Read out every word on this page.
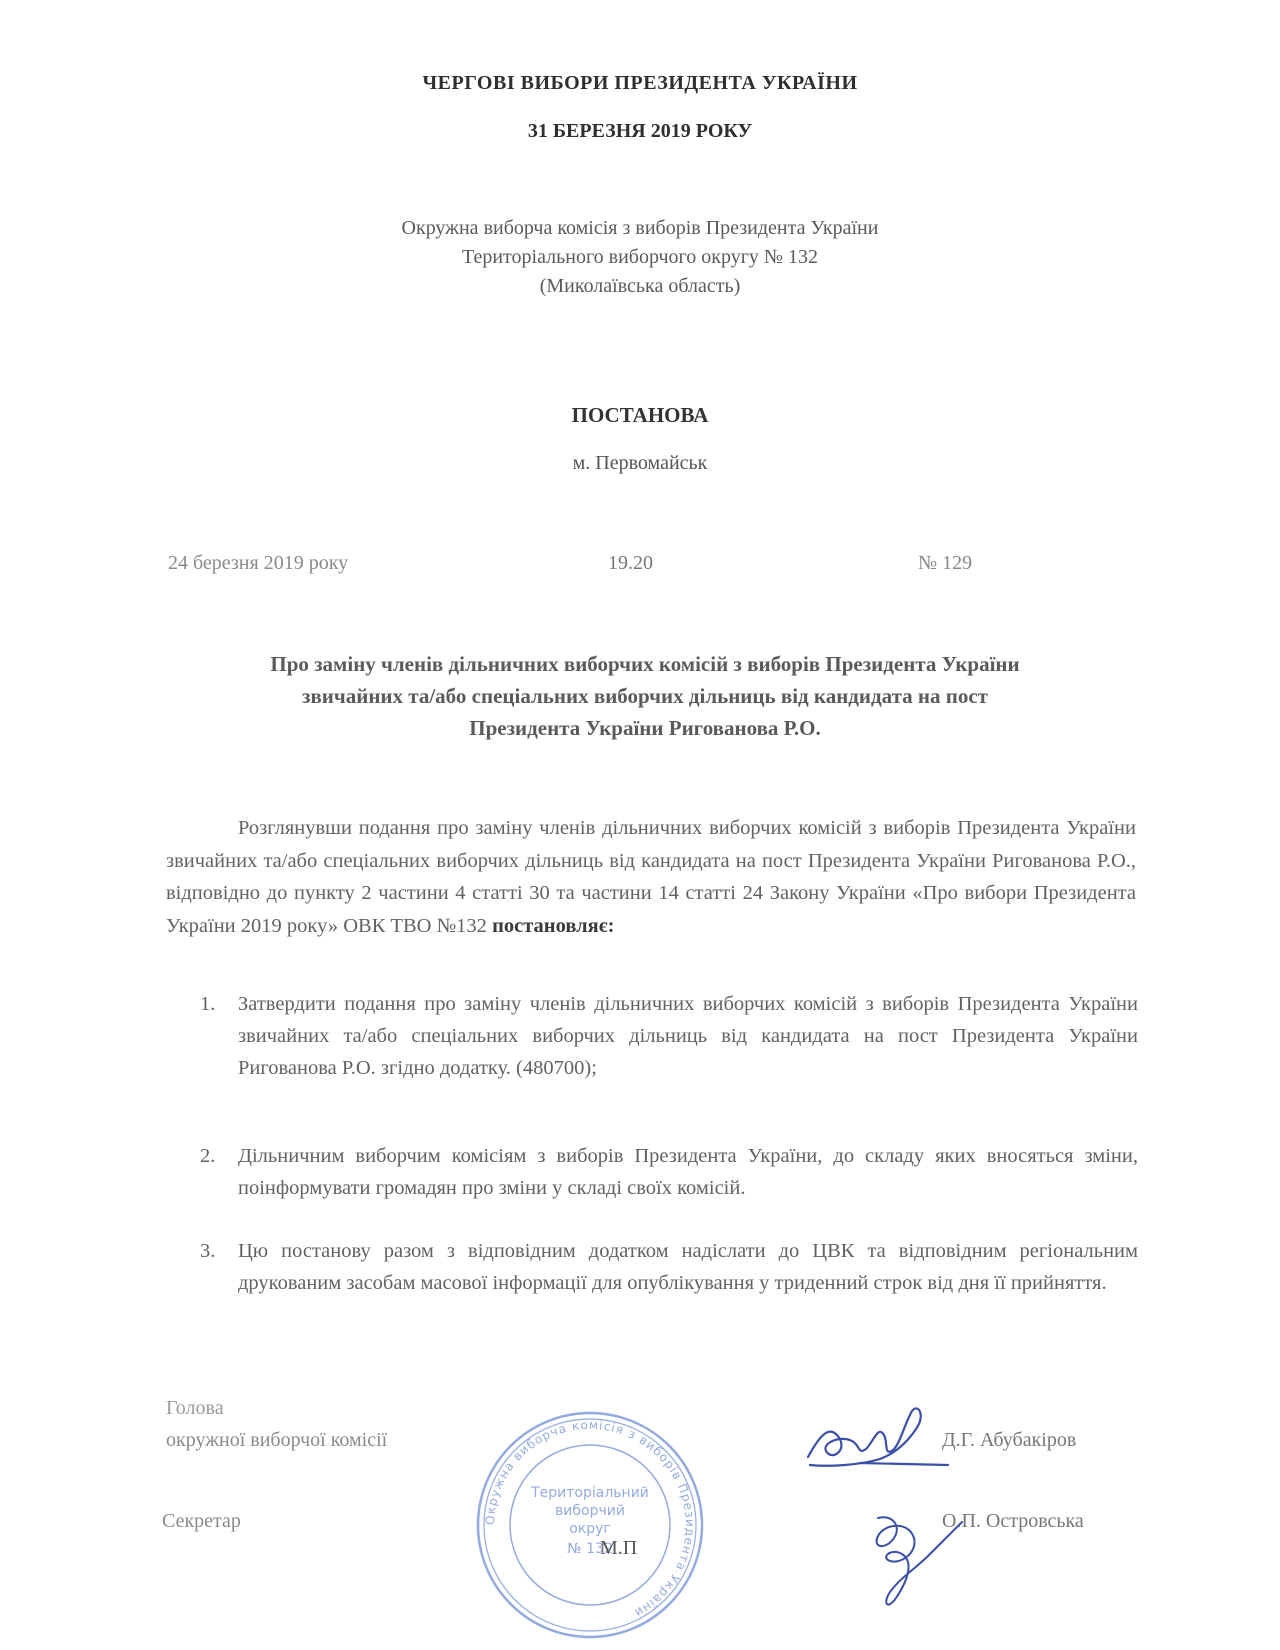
ЧЕРГОВІ ВИБОРИ ПРЕЗИДЕНТА УКРАЇНИ
31 БЕРЕЗНЯ 2019 РОКУ
Окружна виборча комісія з виборів Президента України
Територіального виборчого округу № 132
(Миколаївська область)
ПОСТАНОВА
м. Первомайськ
24 березня 2019 року	19.20	№ 129
Про заміну членів дільничних виборчих комісій з виборів Президента України
звичайних та/або спеціальних виборчих дільниць від кандидата на пост
Президента України Ригованова Р.О.
Розглянувши подання про заміну членів дільничних виборчих комісій з виборів Президента України звичайних та/або спеціальних виборчих дільниць від кандидата на пост Президента України Ригованова Р.О., відповідно до пункту 2 частини 4 статті 30 та частини 14 статті 24 Закону України «Про вибори Президента України 2019 року» ОВК ТВО №132 постановляє:
1. Затвердити подання про заміну членів дільничних виборчих комісій з виборів Президента України звичайних та/або спеціальних виборчих дільниць від кандидата на пост Президента України Ригованова Р.О. згідно додатку. (480700);
2. Дільничним виборчим комісіям з виборів Президента України, до складу яких вносяться зміни, поінформувати громадян про зміни у складі своїх комісій.
3. Цю постанову разом з відповідним додатком надіслати до ЦВК та відповідним регіональним друкованим засобам масової інформації для опублікування у триденний строк від дня її прийняття.
Окружна виборча комісія з виборів Президента України
Територіальний
виборчий
округ
№ 132
Голова
окружної виборчої комісії	Д.Г. Абубакіров
Секретар	О.П. Островська
М.П
